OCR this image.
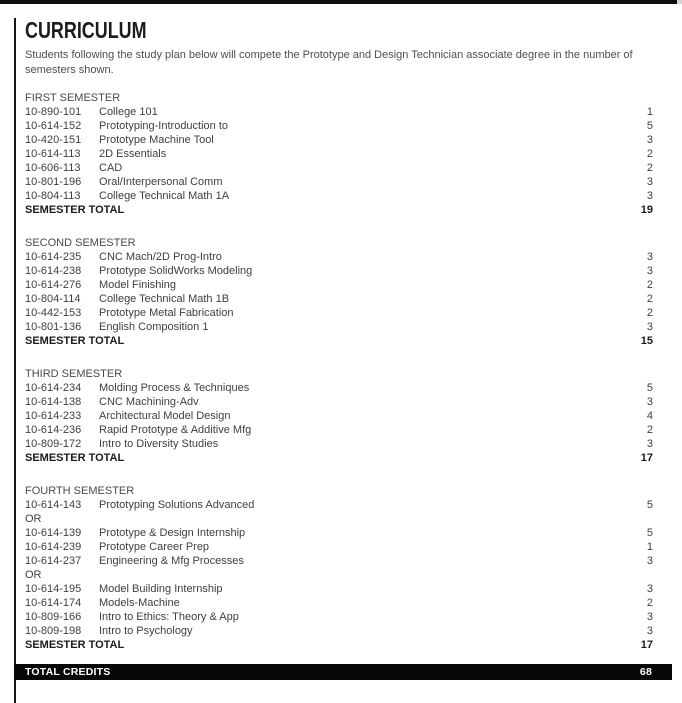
CURRICULUM

Students following the study plan below will compete the Prototype and Design Technician associate degree in the number of semesters shown.

FIRST SEMESTER
10-890-101	College 101	1
10-614-152	Prototyping-Introduction to	5
10-420-151	Prototype Machine Tool	3
10-614-113	2D Essentials	2
10-606-113	CAD	2
10-801-196	Oral/Interpersonal Comm	3
10-804-113	College Technical Math 1A	3
SEMESTER TOTAL	19
SECOND SEMESTER
10-614-235	CNC Mach/2D Prog-Intro	3
10-614-238	Prototype SolidWorks Modeling	3
10-614-276	Model Finishing	2
10-804-114	College Technical Math 1B	2
10-442-153	Prototype Metal Fabrication	2
10-801-136	English Composition 1	3
SEMESTER TOTAL	15
THIRD SEMESTER
10-614-234	Molding Process & Techniques	5
10-614-138	CNC Machining-Adv	3
10-614-233	Architectural Model Design	4
10-614-236	Rapid Prototype & Additive Mfg	2
10-809-172	Intro to Diversity Studies	3
SEMESTER TOTAL	17
FOURTH SEMESTER
10-614-143	Prototyping Solutions Advanced	5
OR
10-614-139	Prototype & Design Internship	5
10-614-239	Prototype Career Prep	1
10-614-237	Engineering & Mfg Processes	3
OR
10-614-195	Model Building Internship	3
10-614-174	Models-Machine	2
10-809-166	Intro to Ethics: Theory & App	3
10-809-198	Intro to Psychology	3
SEMESTER TOTAL	17
TOTAL CREDITS	68
